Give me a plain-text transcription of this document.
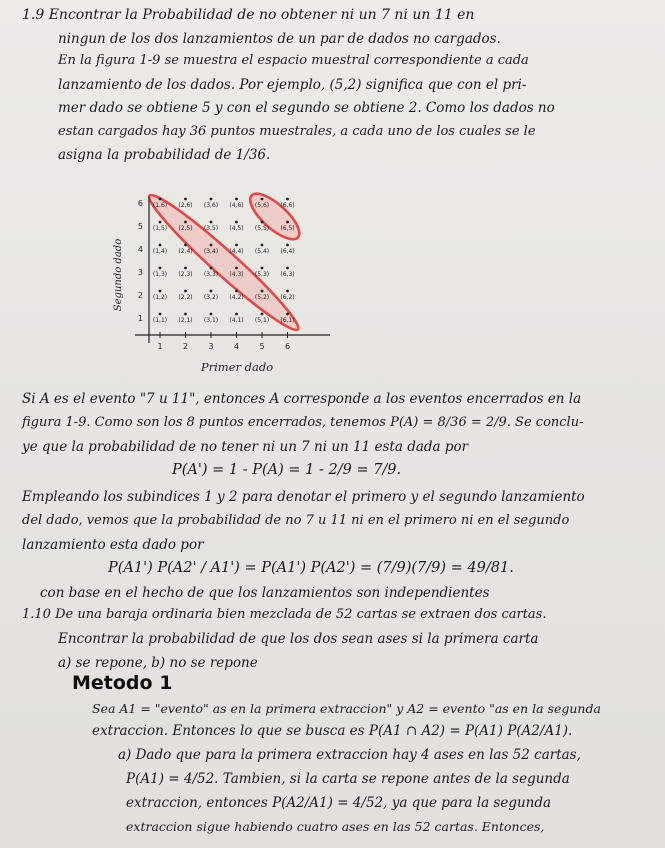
1.9 Encontrar la Probabilidad de no obtener ni un 7 ni un 11 en
ningun de los dos lanzamientos de un par de dados no cargados.
En la figura 1-9 se muestra el espacio muestral correspondiente a cada
lanzamiento de los dados. Por ejemplo, (5,2) significa que con el pri-
mer dado se obtiene 5 y con el segundo se obtiene 2. Como los dados no
estan cargados hay 36 puntos muestrales, a cada uno de los cuales se le
asigna la probabilidad de 1/36.
(1,6) (2,6) (3,6) (4,6) (5,6) (6,6)
(1,5) (2,5) (3,5) (4,5) (5,5) (6,5)
(1,4) (2,4) (3,4) (4,4) (5,4) (6,4)
(1,3) (2,3) (3,3) (4,3) (5,3) (6,3)
(1,2) (2,2) (3,2) (4,2) (5,2) (6,2)
(1,1) (2,1) (3,1) (4,1) (5,1) (6,1)
1	2	3	4	5	6
1
2
3
4
5
6
Segundo dado
Primer dado
Si A es el evento "7 u 11", entonces A corresponde a los eventos encerrados en la
figura 1-9. Como son los 8 puntos encerrados, tenemos P(A) = 8/36 = 2/9. Se conclu-
ye que la probabilidad de no tener ni un 7 ni un 11 esta dada por
P(A') = 1 - P(A) = 1 - 2/9 = 7/9.
Empleando los subindices 1 y 2 para denotar el primero y el segundo lanzamiento
del dado, vemos que la probabilidad de no 7 u 11 ni en el primero ni en el segundo
lanzamiento esta dado por
P(A1') P(A2' / A1') = P(A1') P(A2') = (7/9)(7/9) = 49/81.
con base en el hecho de que los lanzamientos son independientes
1.10 De una baraja ordinaria bien mezclada de 52 cartas se extraen dos cartas.
Encontrar la probabilidad de que los dos sean ases si la primera carta
a) se repone, b) no se repone
Metodo 1
Sea A1 = "evento" as en la primera extraccion" y A2 = evento "as en la segunda
extraccion. Entonces lo que se busca es P(A1 ∩ A2) = P(A1) P(A2/A1).
a) Dado que para la primera extraccion hay 4 ases en las 52 cartas,
P(A1) = 4/52. Tambien, si la carta se repone antes de la segunda
extraccion, entonces P(A2/A1) = 4/52, ya que para la segunda
extraccion sigue habiendo cuatro ases en las 52 cartas. Entonces,
